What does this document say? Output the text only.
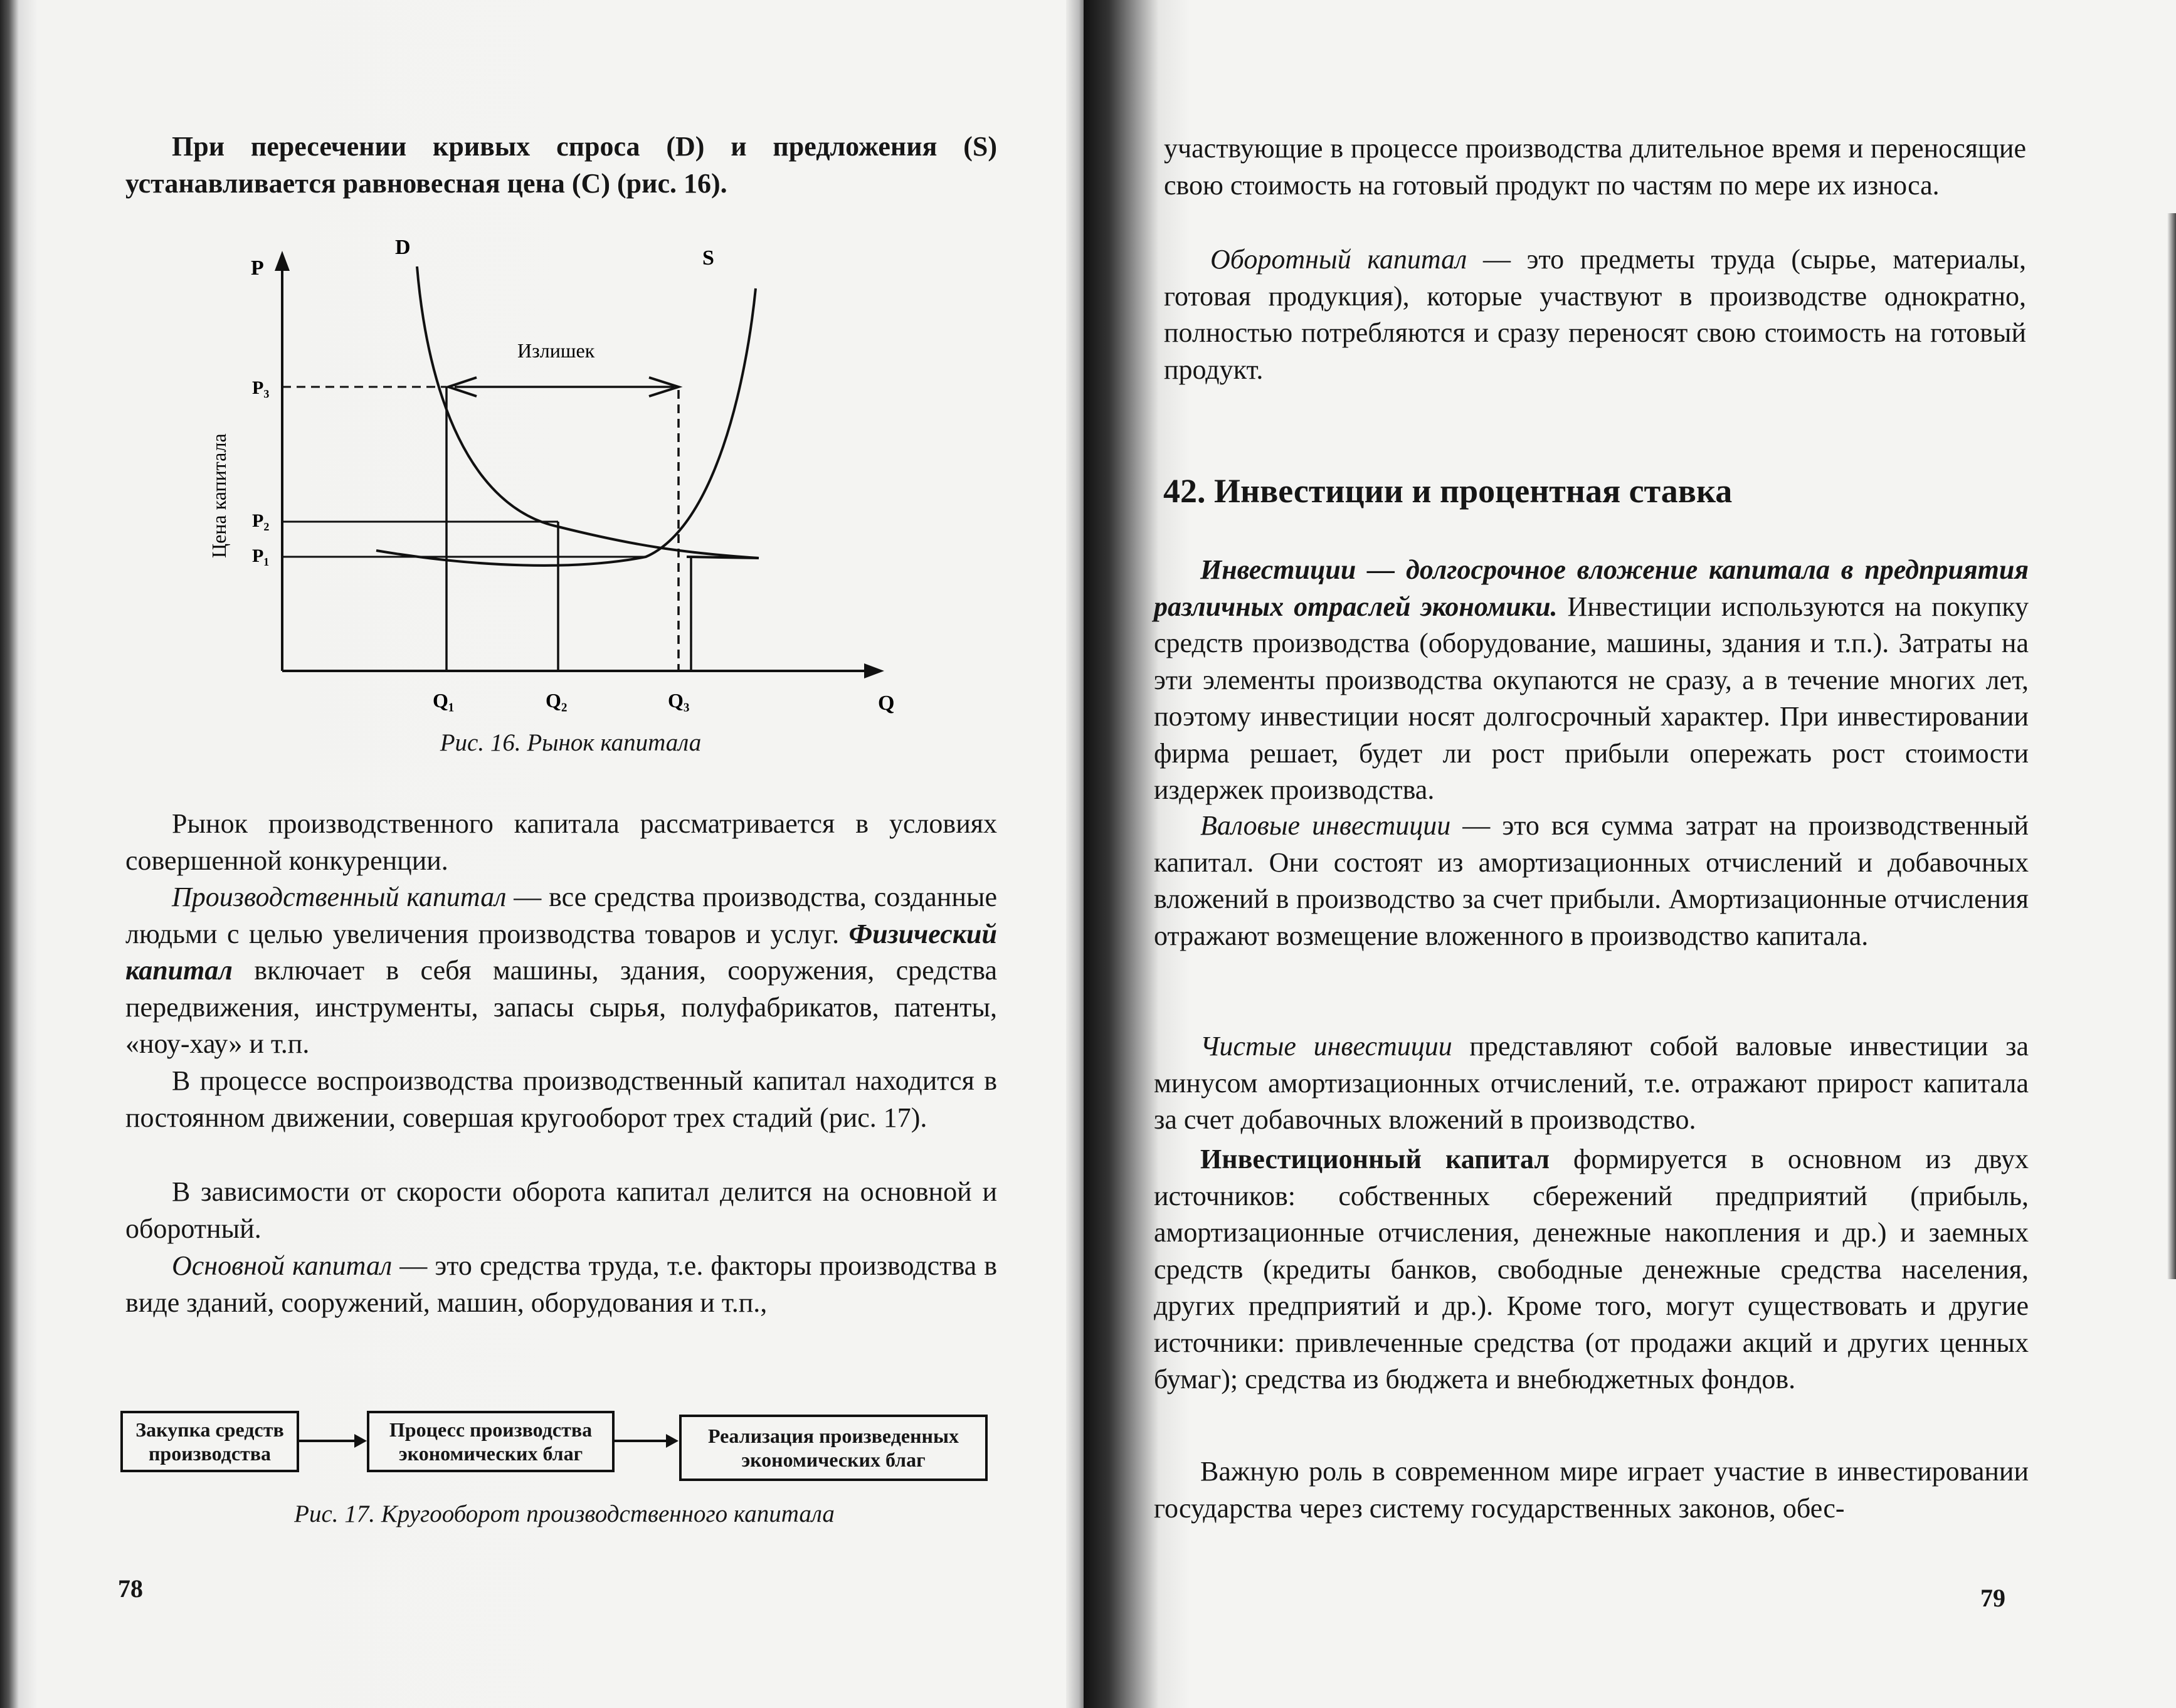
При пересечении кривых спроса (D) и предложения (S) устанавливается равновесная цена (С) (рис. 16).

P
Q
Цена капитала
D	S
Излишек
P₃
P₂
P₁
Q₁	Q₂	Q₃

Рис. 16. Рынок капитала

Рынок производственного капитала рассматривается в условиях совершенной конкуренции.

Производственный капитал — все средства производства, созданные людьми с целью увеличения производства товаров и услуг. Физический капитал включает в себя машины, здания, сооружения, средства передвижения, инструменты, запасы сырья, полуфабрикатов, патенты, «ноу-хау» и т.п.

В процессе воспроизводства производственный капитал находится в постоянном движении, совершая кругооборот трех стадий (рис. 17).

В зависимости от скорости оборота капитал делится на основной и оборотный.

Основной капитал — это средства труда, т.е. факторы производства в виде зданий, сооружений, машин, оборудования и т.п.,

Закупка средств
производства
Процесс производства
экономических благ
Реализация произведенных
экономических благ

Рис. 17. Кругооборот производственного капитала

78

участвующие в процессе производства длительное время и переносящие свою стоимость на готовый продукт по частям по мере их износа.

Оборотный капитал — это предметы труда (сырье, материалы, готовая продукция), которые участвуют в производстве однократно, полностью потребляются и сразу переносят свою стоимость на готовый продукт.

42. Инвестиции и процентная ставка

Инвестиции — долгосрочное вложение капитала в предприятия различных отраслей экономики. Инвестиции используются на покупку средств производства (оборудование, машины, здания и т.п.). Затраты на эти элементы производства окупаются не сразу, а в течение многих лет, поэтому инвестиции носят долгосрочный характер. При инвестировании фирма решает, будет ли рост прибыли опережать рост стоимости издержек производства.

Валовые инвестиции — это вся сумма затрат на производственный капитал. Они состоят из амортизационных отчислений и добавочных вложений в производство за счет прибыли. Амортизационные отчисления отражают возмещение вложенного в производство капитала.

Чистые инвестиции представляют собой валовые инвестиции за минусом амортизационных отчислений, т.е. отражают прирост капитала за счет добавочных вложений в производство.

Инвестиционный капитал формируется в основном из двух источников: собственных сбережений предприятий (прибыль, амортизационные отчисления, денежные накопления и др.) и заемных средств (кредиты банков, свободные денежные средства населения, других предприятий и др.). Кроме того, могут существовать и другие источники: привлеченные средства (от продажи акций и других ценных бумаг); средства из бюджета и внебюджетных фондов.

Важную роль в современном мире играет участие в инвестировании государства через систему государственных законов, обес-

79
